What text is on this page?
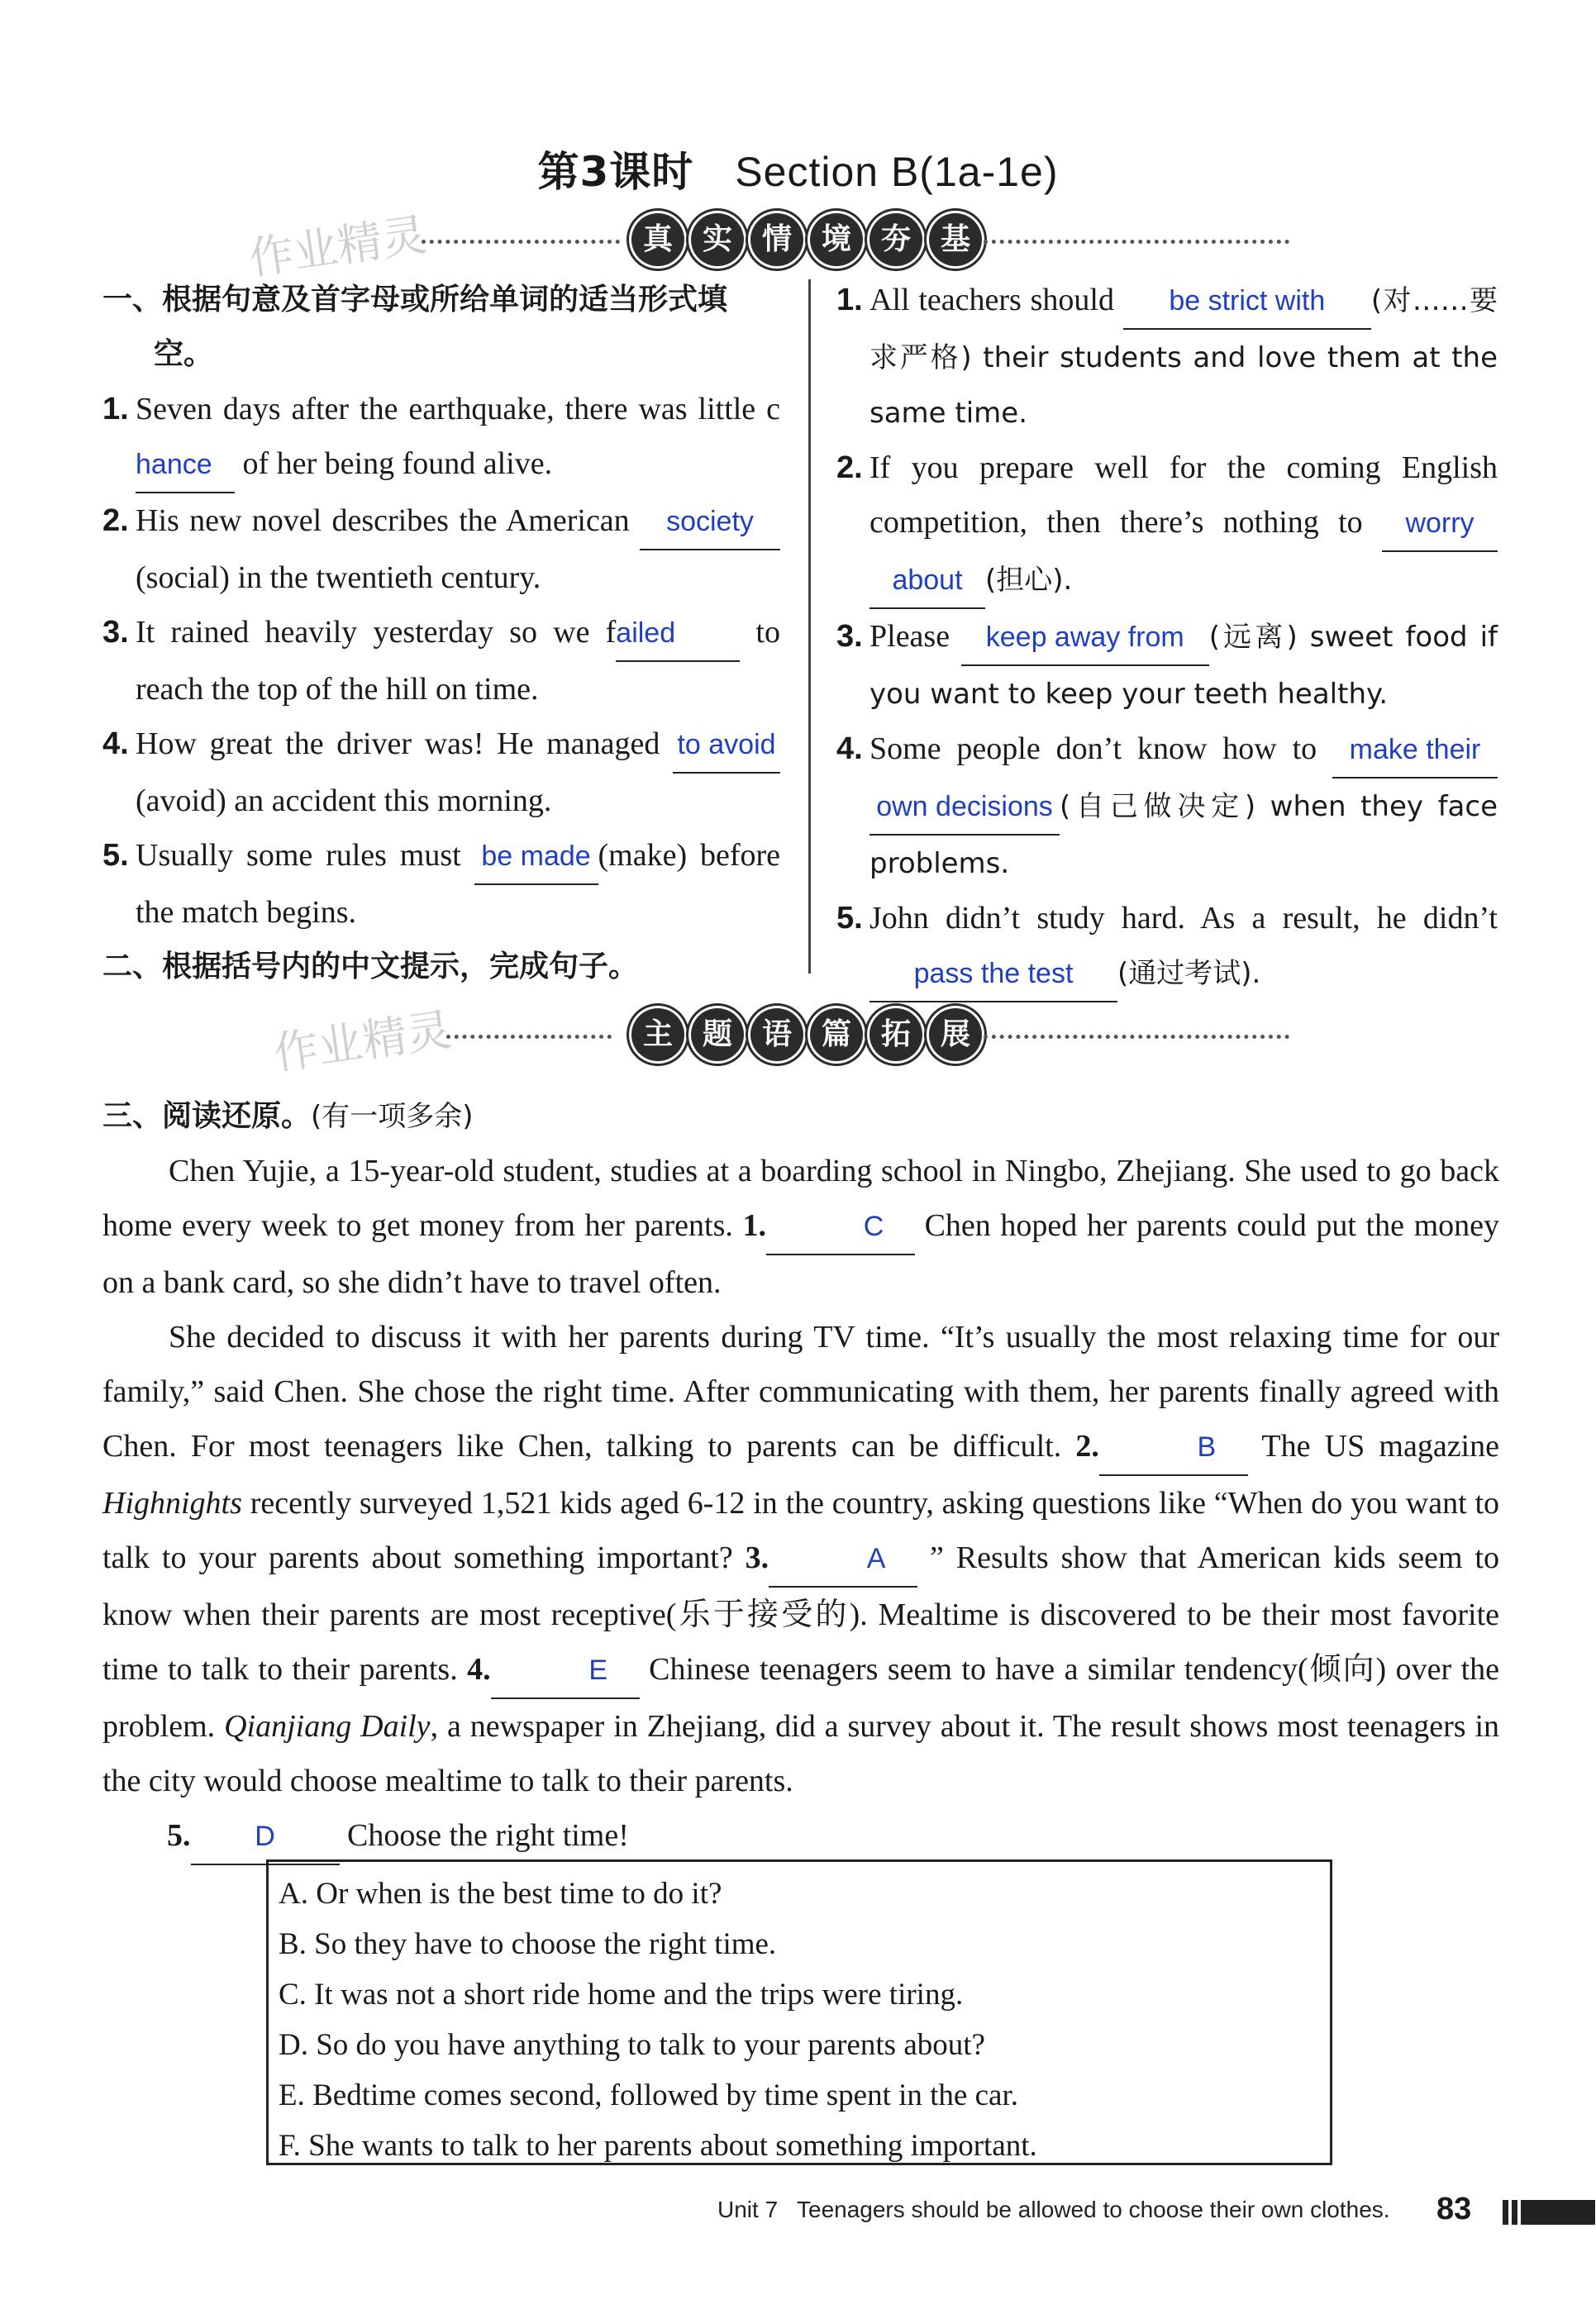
第3课时 Section B(1a-1e)
作业精灵	真 实 情 境 夯 基

一、根据句意及首字母或所给单词的适当形式填空。

1. Seven days after the earthquake, there was little chance of her being found alive.

2. His new novel describes the American society(social) in the twentieth century.

3. It rained heavily yesterday so we failed to reach the top of the hill on time.

4. How great the driver was! He managed to avoid (avoid) an accident this morning.

5. Usually some rules must be made (make) before the match begins.

二、根据括号内的中文提示，完成句子。

1. All teachers should be strict with (对……要求严格) their students and love them at the same time.

2. If you prepare well for the coming English competition, then there’s nothing to worry about (担心).

3. Please keep away from (远离) sweet food if you want to keep your teeth healthy.

4. Some people don’t know how to make their own decisions (自己做决定) when they face problems.

5. John didn’t study hard. As a result, he didn’t pass the test (通过考试).

作业精灵	主 题 语 篇 拓 展

三、阅读还原。(有一项多余)

Chen Yujie, a 15-year-old student, studies at a boarding school in Ningbo, Zhejiang. She used to go back home every week to get money from her parents. 1.	C Chen hoped her parents could put the money on a bank card, so she didn’t have to travel often.

She decided to discuss it with her parents during TV time. “It’s usually the most relaxing time for our family,” said Chen. She chose the right time. After communicating with them, her parents finally agreed with Chen. For most teenagers like Chen, talking to parents can be difficult. 2.	B The US magazine Highnights recently surveyed 1,521 kids aged 6-12 in the country, asking questions like “When do you want to talk to your parents about something important? 3.	A ” Results show that American kids seem to know when their parents are most receptive(乐于接受的). Mealtime is discovered to be their most favorite time to talk to their parents. 4.	E Chinese teenagers seem to have a similar tendency(倾向) over the problem. Qianjiang Daily, a newspaper in Zhejiang, did a survey about it. The result shows most teenagers in the city would choose mealtime to talk to their parents.

5. D Choose the right time!

A. Or when is the best time to do it?

B. So they have to choose the right time.

C. It was not a short ride home and the trips were tiring.

D. So do you have anything to talk to your parents about?

E. Bedtime comes second, followed by time spent in the car.

F. She wants to talk to her parents about something important.

Unit 7 Teenagers should be allowed to choose their own clothes. 83
